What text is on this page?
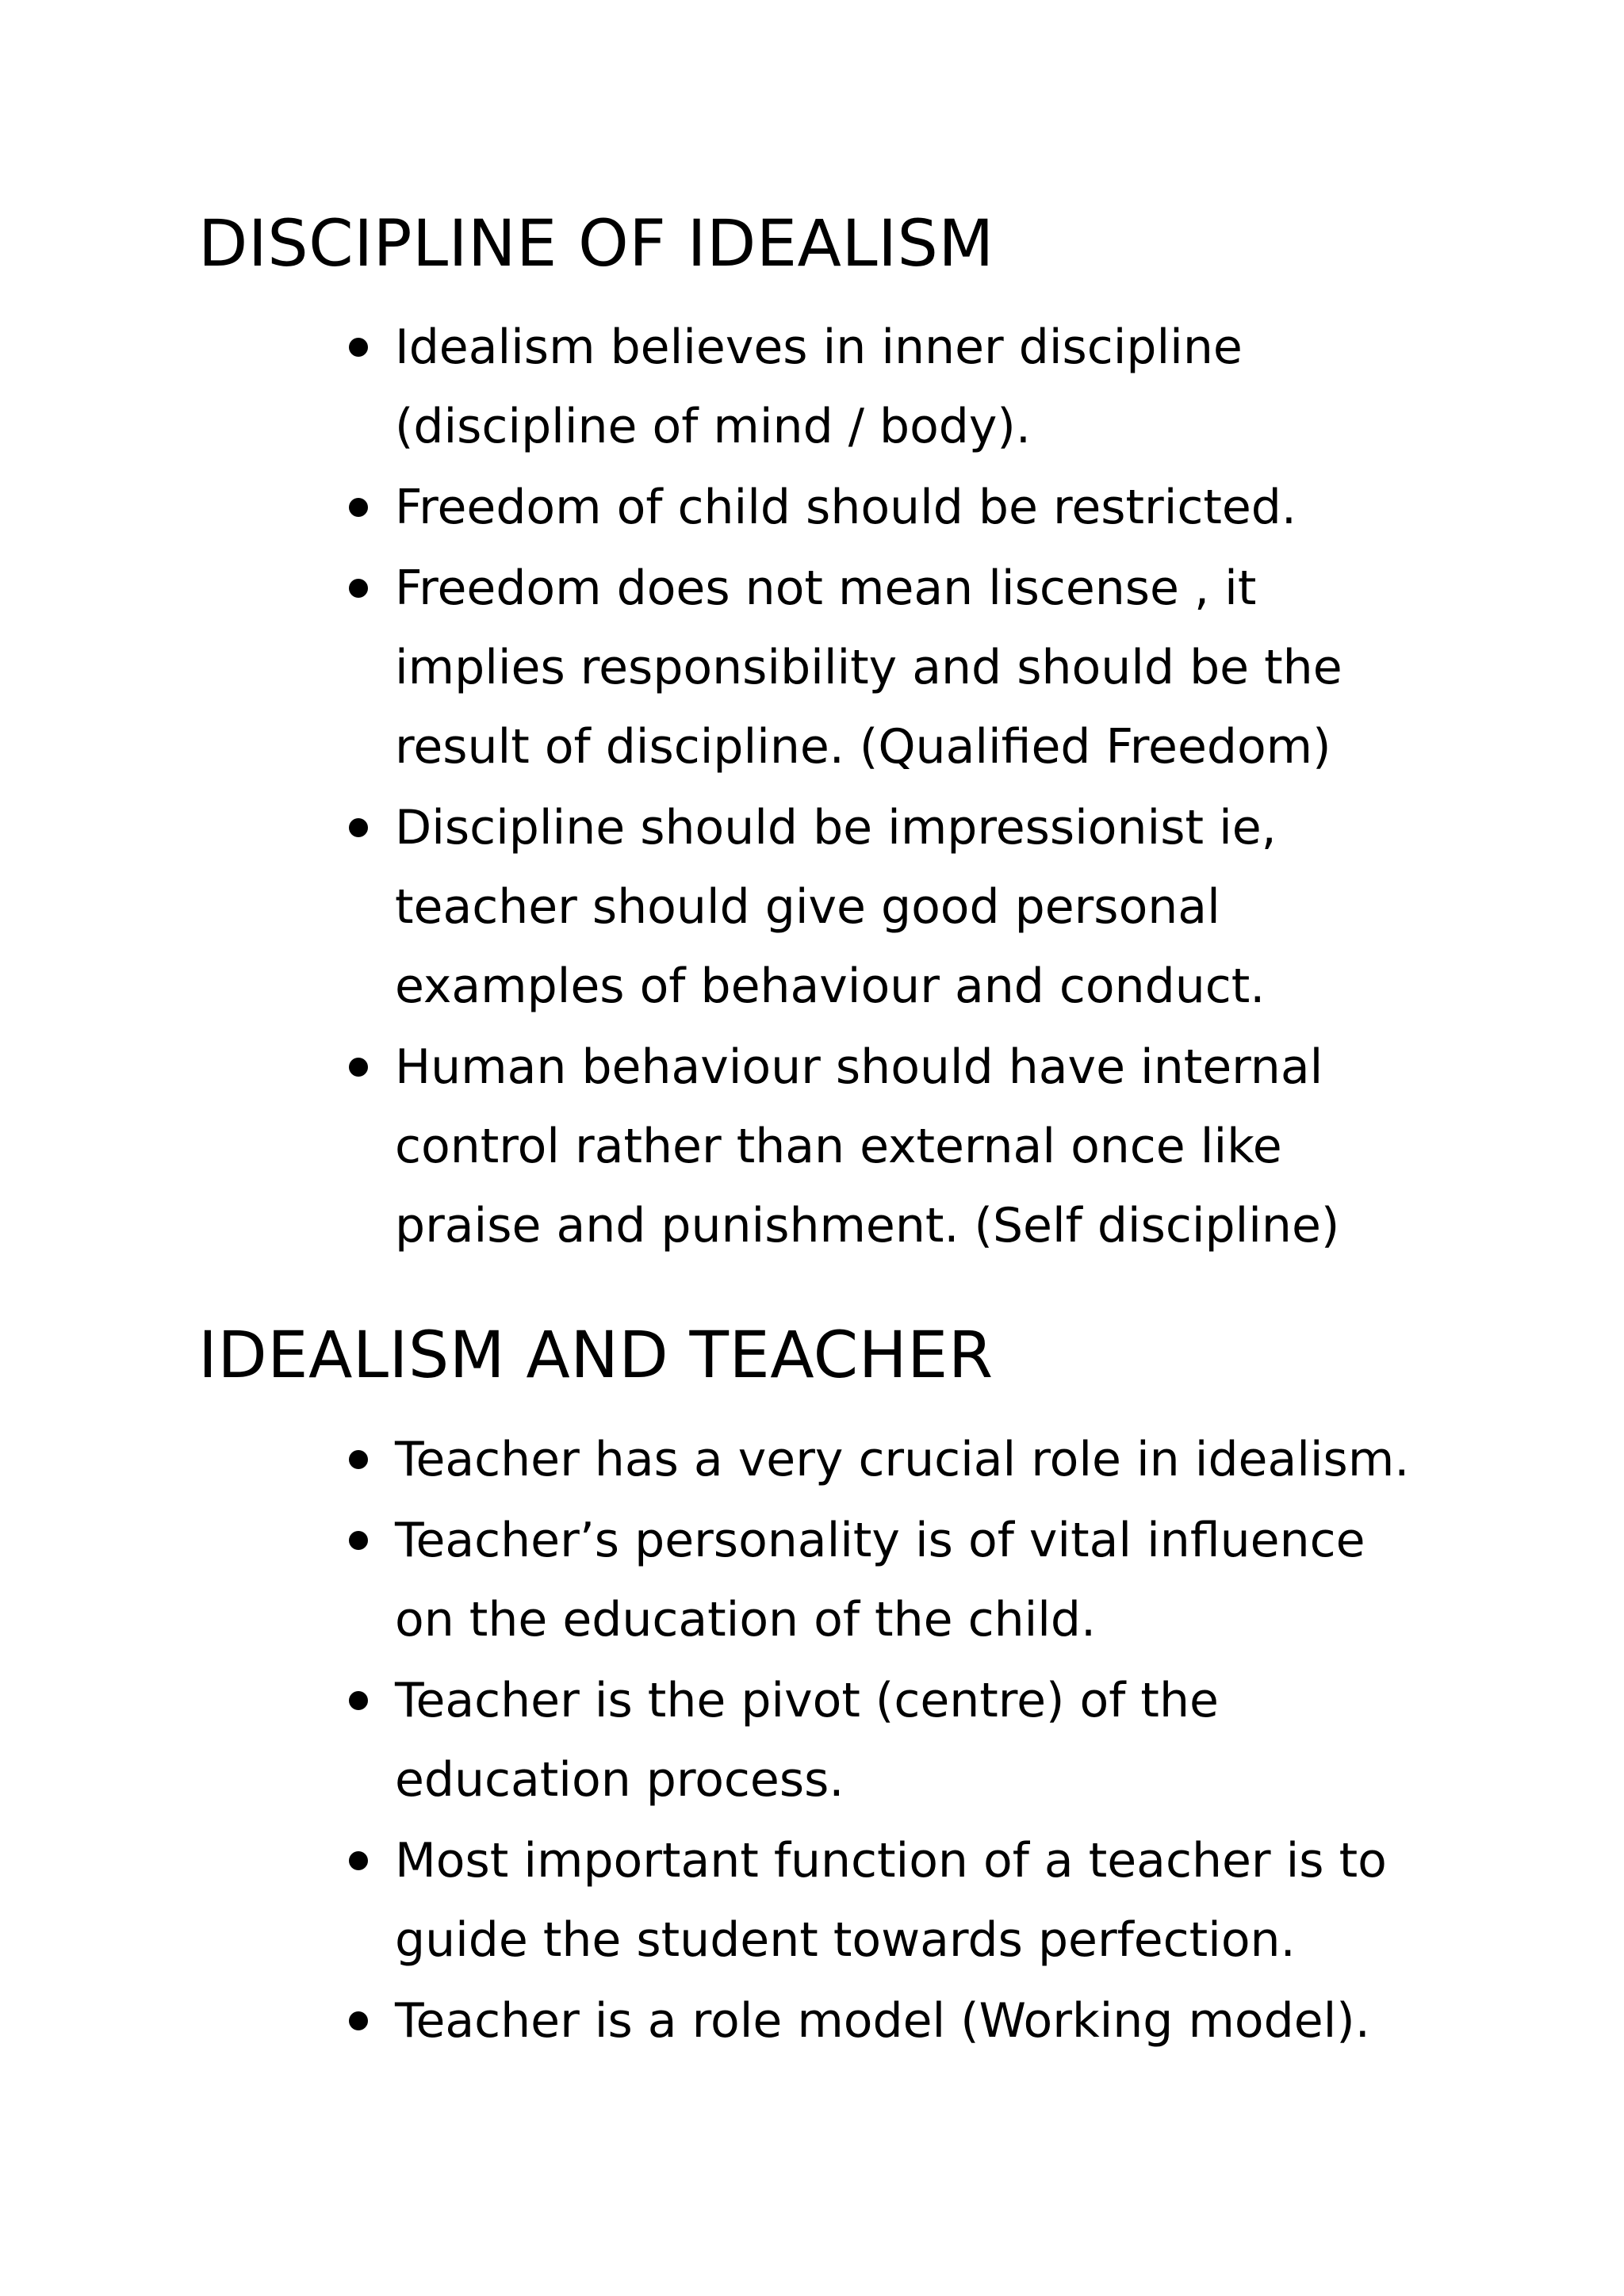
DISCIPLINE OF IDEALISM
Idealism believes in inner discipline
(discipline of mind / body).
Freedom of child should be restricted.
Freedom does not mean liscense , it
implies responsibility and should be the
result of discipline. (Qualified Freedom)
Discipline should be impressionist ie,
teacher should give good personal
examples of behaviour and conduct.
Human behaviour should have internal
control rather than external once like
praise and punishment. (Self discipline)
IDEALISM AND TEACHER
Teacher has a very crucial role in idealism.
Teacher’s personality is of vital influence
on the education of the child.
Teacher is the pivot (centre) of the
education process.
Most important function of a teacher is to
guide the student towards perfection.
Teacher is a role model (Working model).
